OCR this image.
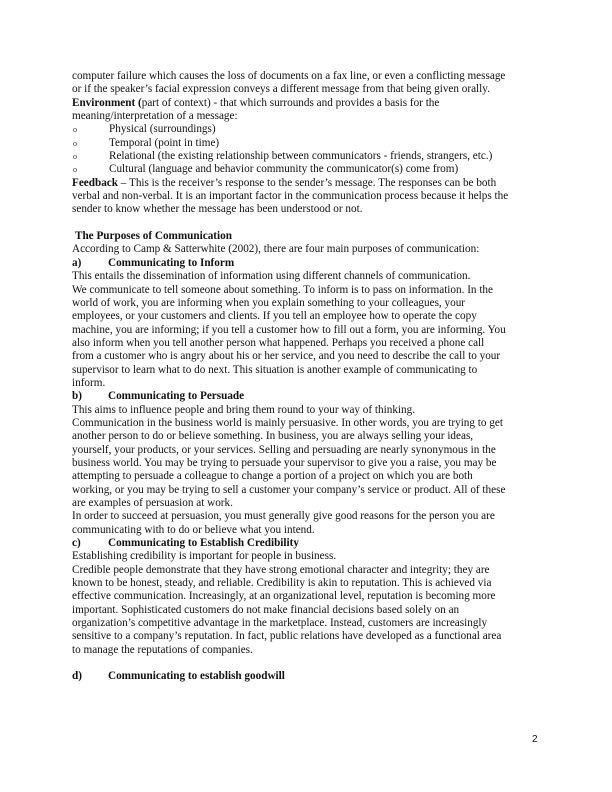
computer failure which causes the loss of documents on a fax line, or even a conflicting message
or if the speaker’s facial expression conveys a different message from that being given orally.
Environment (part of context) - that which surrounds and provides a basis for the
meaning/interpretation of a message:
o	Physical (surroundings)
o	Temporal (point in time)
o	Relational (the existing relationship between communicators - friends, strangers, etc.)
o	Cultural (language and behavior community the communicator(s) come from)
Feedback – This is the receiver’s response to the sender’s message. The responses can be both
verbal and non-verbal. It is an important factor in the communication process because it helps the
sender to know whether the message has been understood or not.
The Purposes of Communication
According to Camp & Satterwhite (2002), there are four main purposes of communication:
a)	Communicating to Inform
This entails the dissemination of information using different channels of communication.
We communicate to tell someone about something. To inform is to pass on information. In the
world of work, you are informing when you explain something to your colleagues, your
employees, or your customers and clients. If you tell an employee how to operate the copy
machine, you are informing; if you tell a customer how to fill out a form, you are informing. You
also inform when you tell another person what happened. Perhaps you received a phone call
from a customer who is angry about his or her service, and you need to describe the call to your
supervisor to learn what to do next. This situation is another example of communicating to
inform.
b)	Communicating to Persuade
This aims to influence people and bring them round to your way of thinking.
Communication in the business world is mainly persuasive. In other words, you are trying to get
another person to do or believe something. In business, you are always selling your ideas,
yourself, your products, or your services. Selling and persuading are nearly synonymous in the
business world. You may be trying to persuade your supervisor to give you a raise, you may be
attempting to persuade a colleague to change a portion of a project on which you are both
working, or you may be trying to sell a customer your company’s service or product. All of these
are examples of persuasion at work.
In order to succeed at persuasion, you must generally give good reasons for the person you are
communicating with to do or believe what you intend.
c)	Communicating to Establish Credibility
Establishing credibility is important for people in business.
Credible people demonstrate that they have strong emotional character and integrity; they are
known to be honest, steady, and reliable. Credibility is akin to reputation. This is achieved via
effective communication. Increasingly, at an organizational level, reputation is becoming more
important. Sophisticated customers do not make financial decisions based solely on an
organization’s competitive advantage in the marketplace. Instead, customers are increasingly
sensitive to a company’s reputation. In fact, public relations have developed as a functional area
to manage the reputations of companies.
d)	Communicating to establish goodwill
2
